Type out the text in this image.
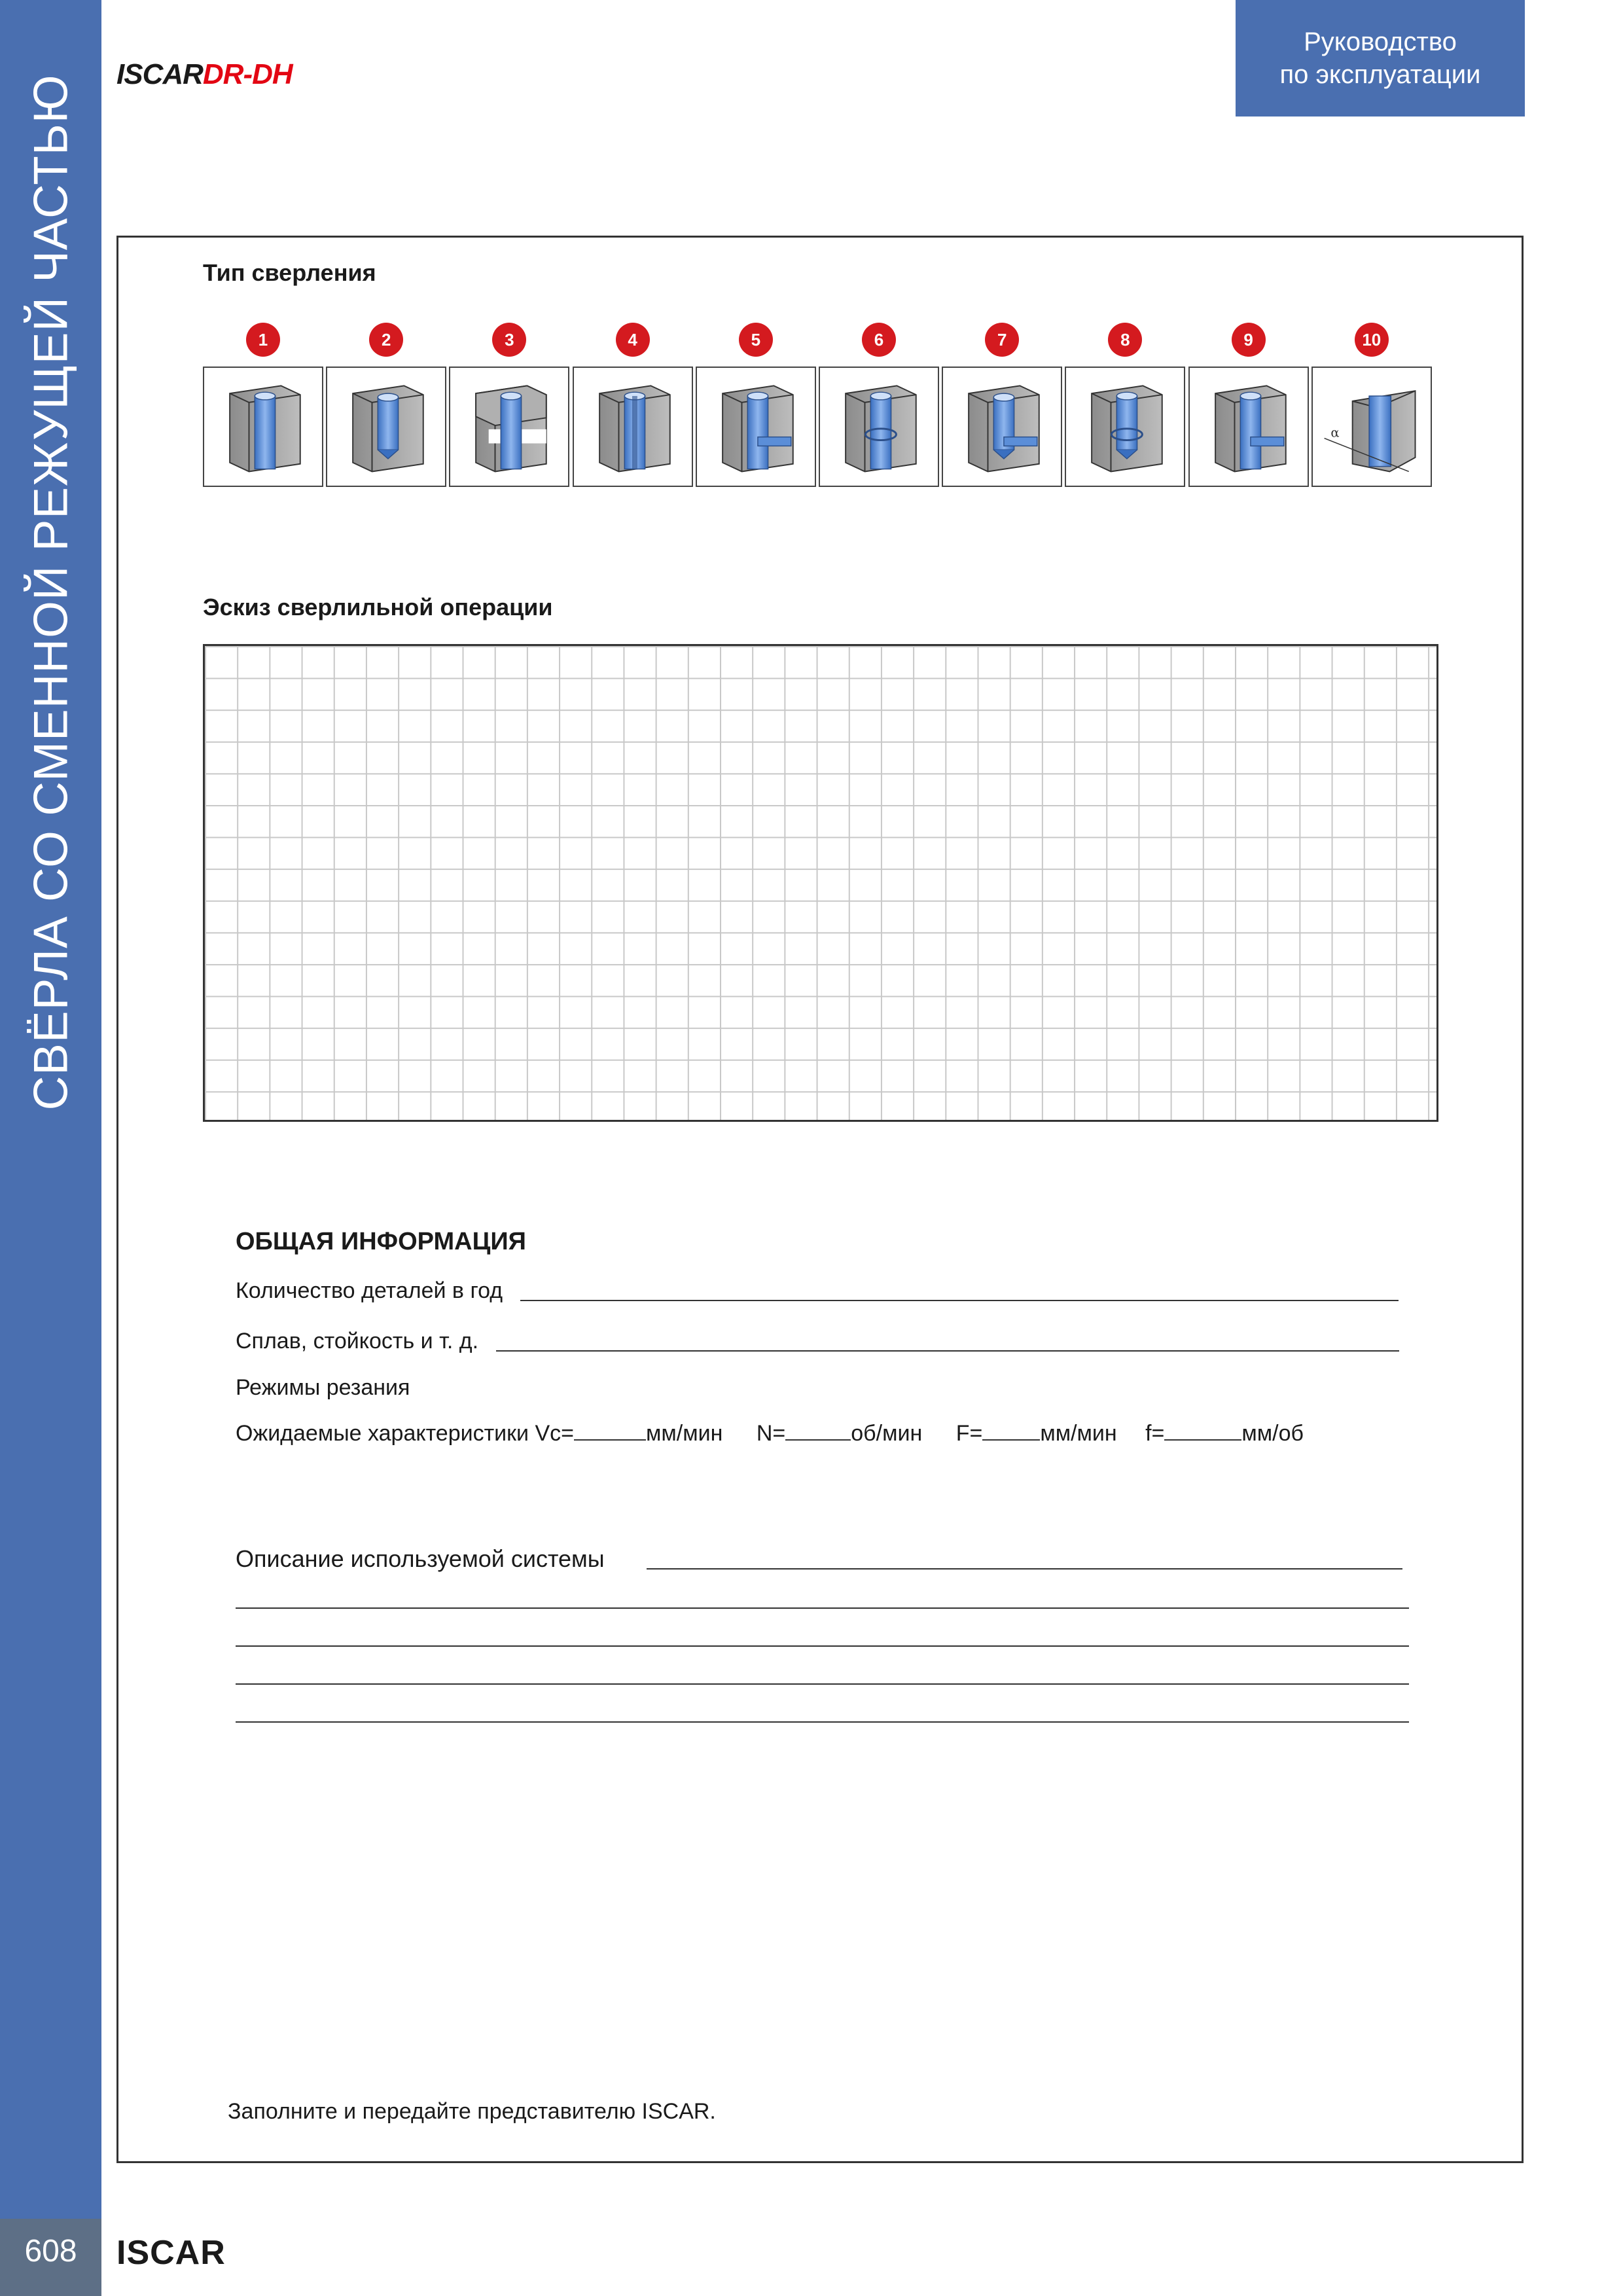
СВЁРЛА СО СМЕННОЙ РЕЖУЩЕЙ ЧАСТЬЮ
608	ISCAR
ISCARDR-DH
Руководство
по эксплуатации
Тип сверления
1	2	3	4	5	6	7	8	9	10
α
Эскиз сверлильной операции
ОБЩАЯ ИНФОРМАЦИЯ
Количество деталей в год
Сплав, стойкость и т. д.
Режимы резания
Ожидаемые характеристики Vc=	мм/мин N=	об/мин F=	мм/мин f=	мм/об
Описание используемой системы
Заполните и передайте представителю ISCAR.
